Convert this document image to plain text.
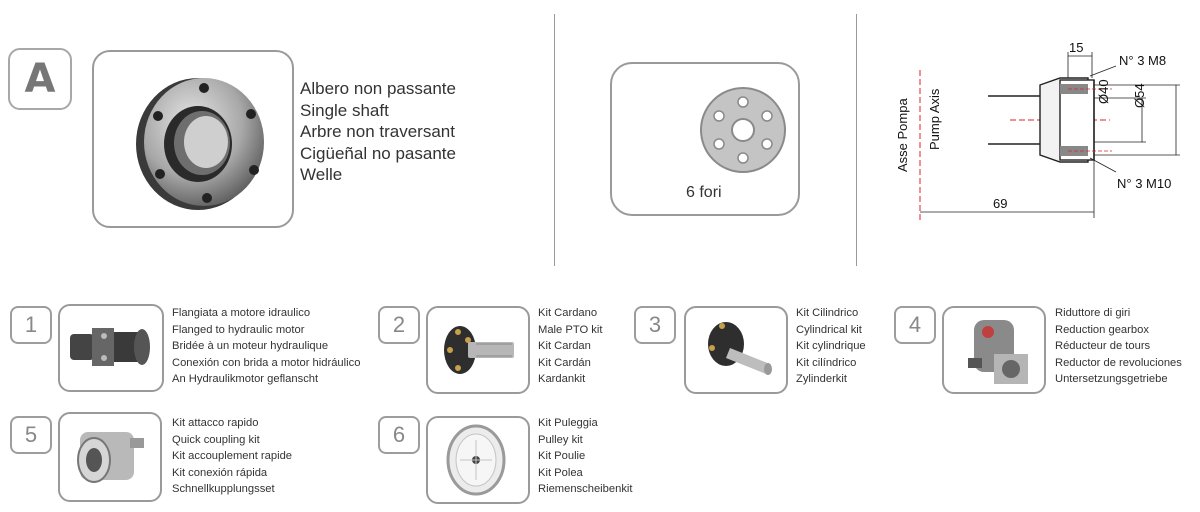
A	Albero non passante
Single shaft
Arbre non traversant
Cigüeñal no pasante
Welle
6 fori
15
N° 3 M8
N° 3 M10
Ø40 Ø54
69
Asse Pompa Pump Axis
1	Flangiata a motore idraulico
Flanged to hydraulic motor
Bridée à un moteur hydraulique
Conexión con brida a motor hidráulico
An Hydraulikmotor geflanscht
2	Kit Cardano
Male PTO kit
Kit Cardan
Kit Cardán
Kardankit
3	Kit Cilindrico
Cylindrical kit
Kit cylindrique
Kit cilíndrico
Zylinderkit
4	Riduttore di giri
Reduction gearbox
Réducteur de tours
Reductor de revoluciones
Untersetzungsgetriebe
5	Kit attacco rapido
Quick coupling kit
Kit accouplement rapide
Kit conexión rápida
Schnellkupplungsset
6	Kit Puleggia
Pulley kit
Kit Poulie
Kit Polea
Riemenscheibenkit
